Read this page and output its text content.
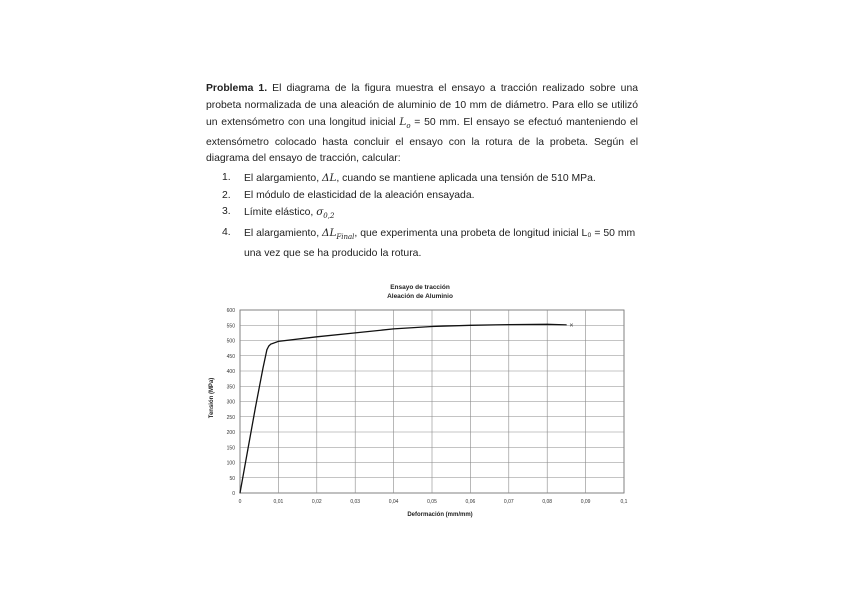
Problema 1. El diagrama de la figura muestra el ensayo a tracción realizado sobre una probeta normalizada de una aleación de aluminio de 10 mm de diámetro. Para ello se utilizó un extensómetro con una longitud inicial $L_o = 50$ mm. El ensayo se efectuó manteniendo el extensómetro colocado hasta concluir el ensayo con la rotura de la probeta. Según el diagrama del ensayo de tracción, calcular:
1.	El alargamiento, ΔL, cuando se mantiene aplicada una tensión de 510 MPa.
2.	El módulo de elasticidad de la aleación ensayada.
3.	Límite elástico, $\sigma_{0,2}$
4.	El alargamiento, $\Delta L_{Final}$, que experimenta una probeta de longitud inicial L₀ = 50 mm una vez que se ha producido la rotura.
Ensayo de tracción
Aleación de Aluminio
0
50
100
150
200
250
300
350
400
450
500
550
600
0	0,01	0,02	0,03	0,04	0,05	0,06	0,07	0,08	0,09	0,1
×
Deformación (mm/mm)
Tensión (MPa)
